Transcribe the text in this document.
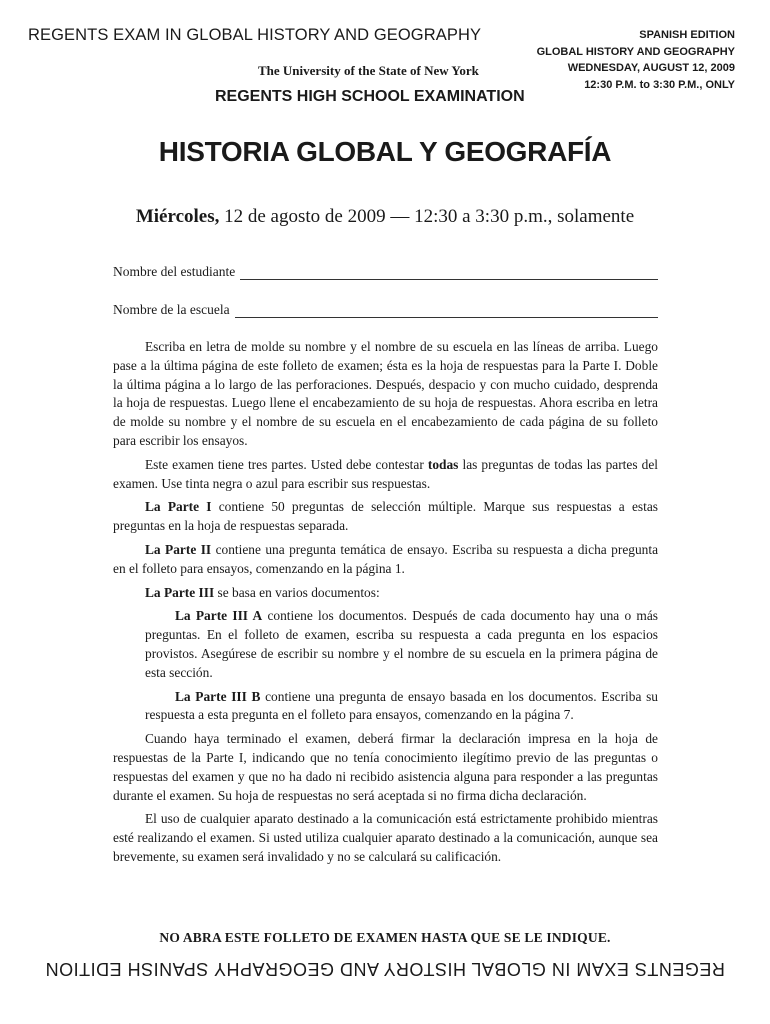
REGENTS EXAM IN GLOBAL HISTORY AND GEOGRAPHY
The University of the State of New York
REGENTS HIGH SCHOOL EXAMINATION
SPANISH EDITION
GLOBAL HISTORY AND GEOGRAPHY
WEDNESDAY, AUGUST 12, 2009
12:30 P.M. to 3:30 P.M., ONLY
HISTORIA GLOBAL Y GEOGRAFÍA
Miércoles, 12 de agosto de 2009 — 12:30 a 3:30 p.m., solamente
Nombre del estudiante
Nombre de la escuela

Escriba en letra de molde su nombre y el nombre de su escuela en las líneas de arriba. Luego pase a la última página de este folleto de examen; ésta es la hoja de respuestas para la Parte I. Doble la última página a lo largo de las perforaciones. Después, despacio y con mucho cuidado, desprenda la hoja de respuestas. Luego llene el encabezamiento de su hoja de respuestas. Ahora escriba en letra de molde su nombre y el nombre de su escuela en el encabezamiento de cada página de su folleto para escribir los ensayos.

Este examen tiene tres partes. Usted debe contestar todas las preguntas de todas las partes del examen. Use tinta negra o azul para escribir sus respuestas.

La Parte I contiene 50 preguntas de selección múltiple. Marque sus respuestas a estas preguntas en la hoja de respuestas separada.

La Parte II contiene una pregunta temática de ensayo. Escriba su respuesta a dicha pregunta en el folleto para ensayos, comenzando en la página 1.

La Parte III se basa en varios documentos:

La Parte III A contiene los documentos. Después de cada documento hay una o más preguntas. En el folleto de examen, escriba su respuesta a cada pregunta en los espacios provistos. Asegúrese de escribir su nombre y el nombre de su escuela en la primera página de esta sección.

La Parte III B contiene una pregunta de ensayo basada en los documentos. Escriba su respuesta a esta pregunta en el folleto para ensayos, comenzando en la página 7.

Cuando haya terminado el examen, deberá firmar la declaración impresa en la hoja de respuestas de la Parte I, indicando que no tenía conocimiento ilegítimo previo de las preguntas o respuestas del examen y que no ha dado ni recibido asistencia alguna para responder a las preguntas durante el examen. Su hoja de respuestas no será aceptada si no firma dicha declaración.

El uso de cualquier aparato destinado a la comunicación está estrictamente prohibido mientras esté realizando el examen. Si usted utiliza cualquier aparato destinado a la comunicación, aunque sea brevemente, su examen será invalidado y no se calculará su calificación.

NO ABRA ESTE FOLLETO DE EXAMEN HASTA QUE SE LE INDIQUE.
REGENTS EXAM IN GLOBAL HISTORY AND GEOGRAPHY SPANISH EDITION
